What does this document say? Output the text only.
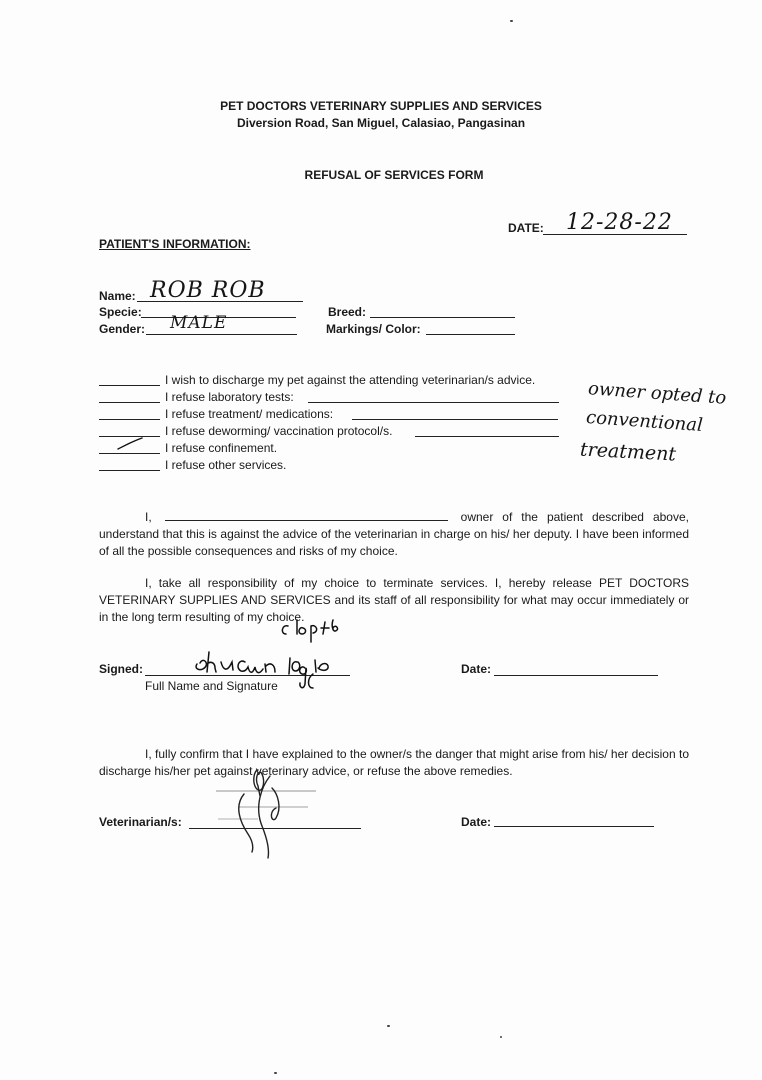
PET DOCTORS VETERINARY SUPPLIES AND SERVICES
Diversion Road, San Miguel, Calasiao, Pangasinan
REFUSAL OF SERVICES FORM
DATE: 12-28-22
PATIENT'S INFORMATION:
Name: ROB ROB
Specie:
Gender: MALE
Breed:
Markings/ Color:
I wish to discharge my pet against the attending veterinarian/s advice.
I refuse laboratory tests:
I refuse treatment/ medications:
I refuse deworming/ vaccination protocol/s.
I refuse confinement.
I refuse other services.
owner opted to
conventional
treatment
I,	owner of the patient described above, understand that this is against the advice of the veterinarian in charge on his/ her deputy. I have been informed of all the possible consequences and risks of my choice.
I, take all responsibility of my choice to terminate services. I, hereby release PET DOCTORS VETERINARY SUPPLIES AND SERVICES and its staff of all responsibility for what may occur immediately or in the long term resulting of my choice.
Signed:
Full Name and Signature
Date:
I, fully confirm that I have explained to the owner/s the danger that might arise from his/ her decision to discharge his/her pet against veterinary advice, or refuse the above remedies.
Veterinarian/s:	Date:
